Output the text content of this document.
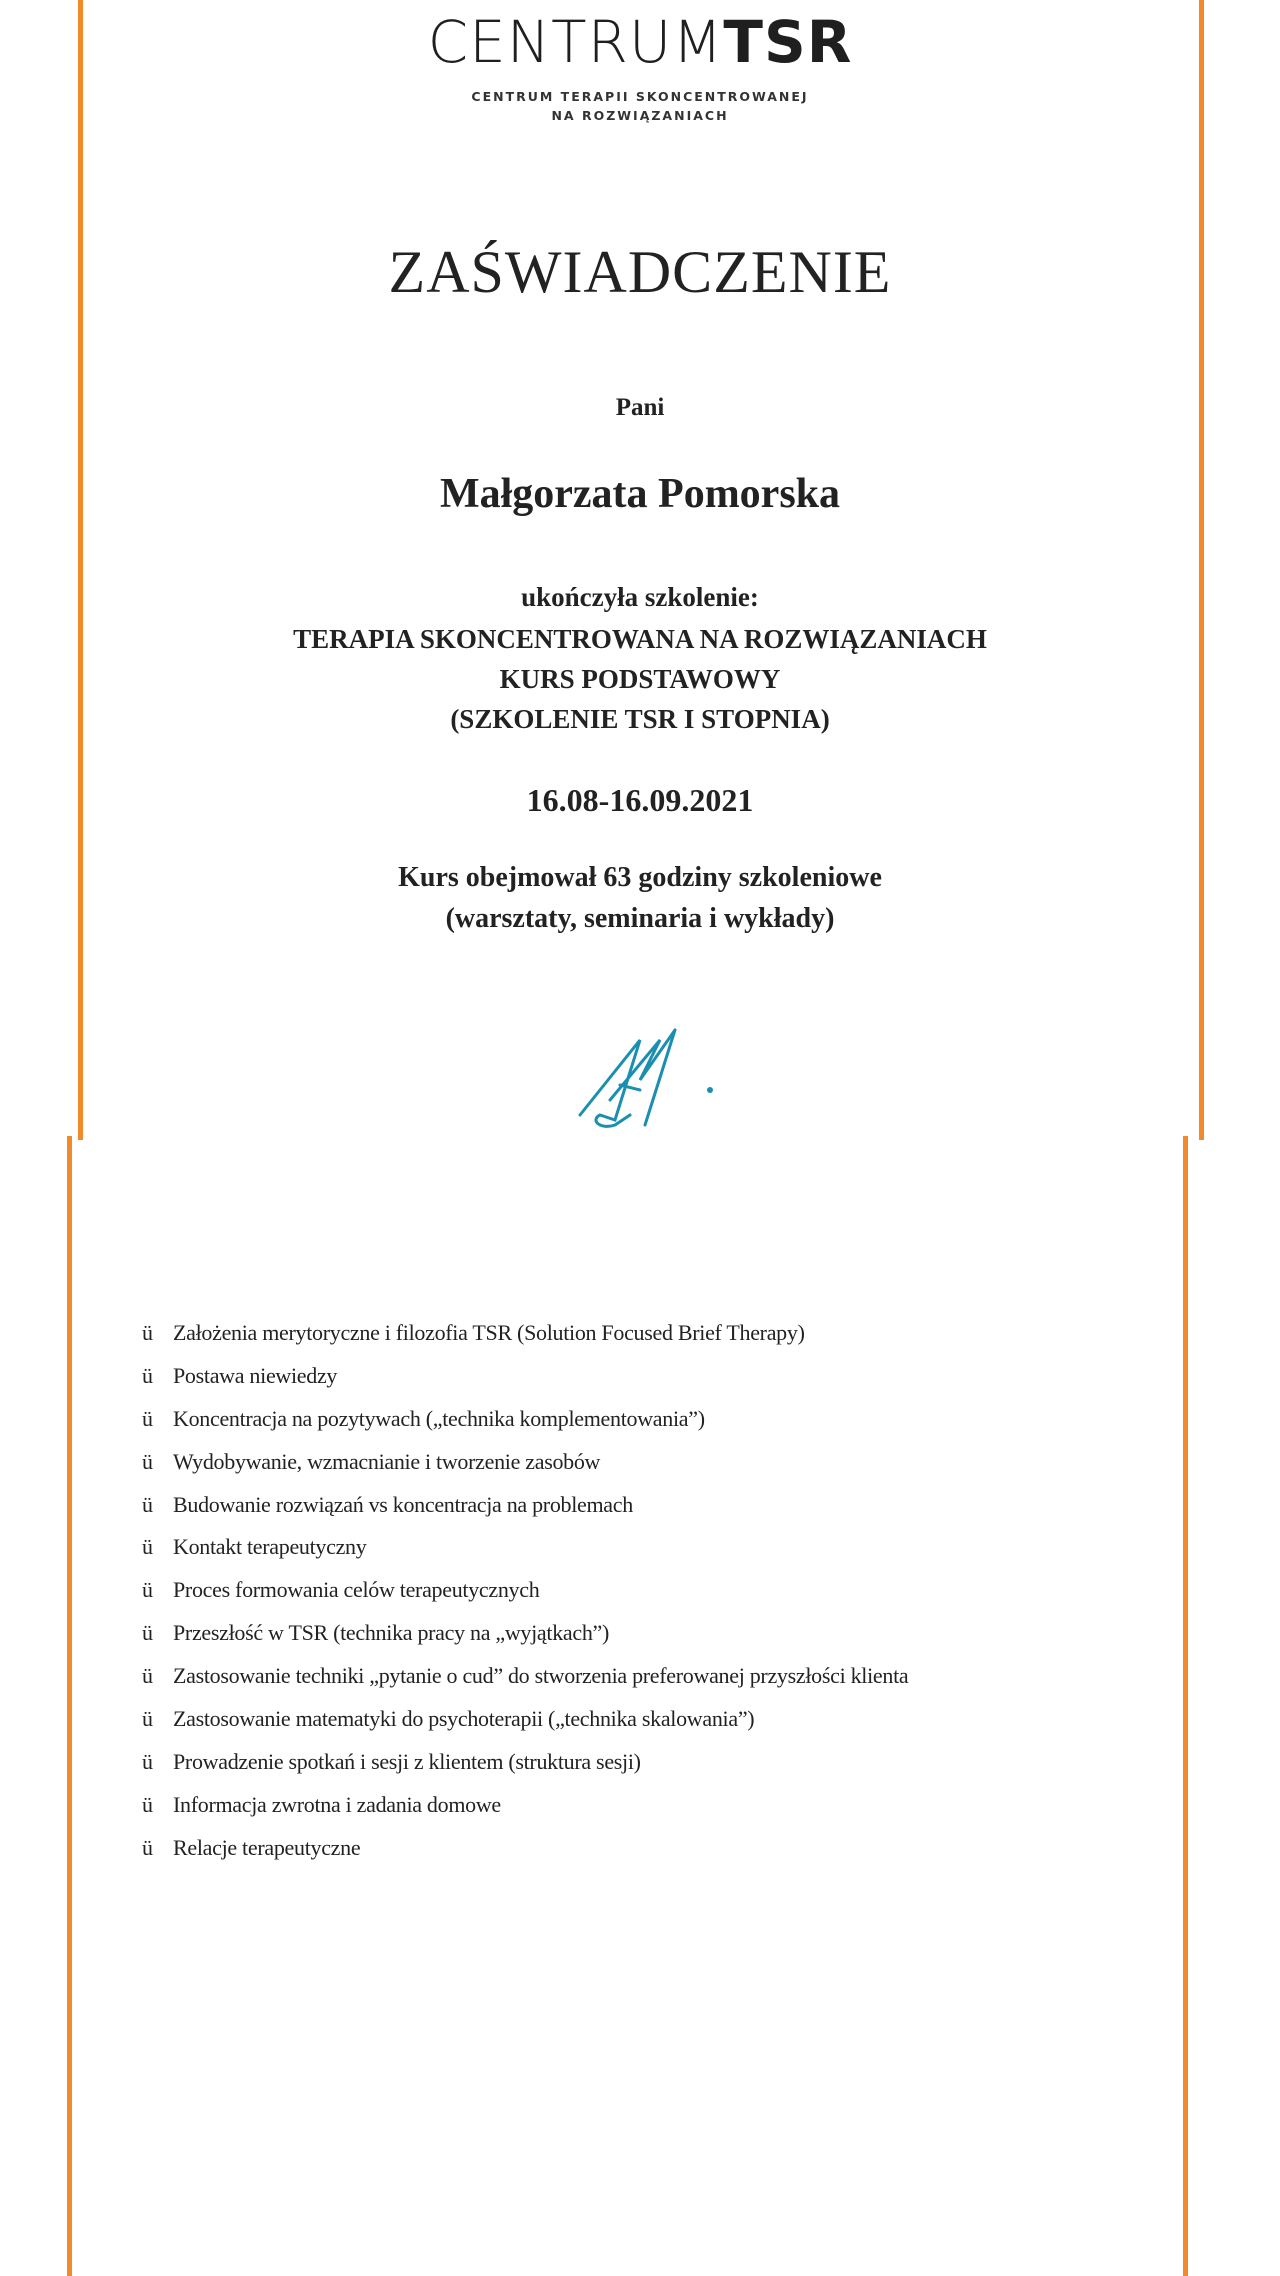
CENTRUMTSR
CENTRUM TERAPII SKONCENTROWANEJ
NA ROZWIĄZANIACH
ZAŚWIADCZENIE
Pani
Małgorzata Pomorska
ukończyła szkolenie:
TERAPIA SKONCENTROWANA NA ROZWIĄZANIACH
KURS PODSTAWOWY
(SZKOLENIE TSR I STOPNIA)
16.08-16.09.2021
Kurs obejmował 63 godziny szkoleniowe
(warsztaty, seminaria i wykłady)
ü Założenia merytoryczne i filozofia TSR (Solution Focused Brief Therapy)
ü Postawa niewiedzy
ü Koncentracja na pozytywach („technika komplementowania”)
ü Wydobywanie, wzmacnianie i tworzenie zasobów
ü Budowanie rozwiązań vs koncentracja na problemach
ü Kontakt terapeutyczny
ü Proces formowania celów terapeutycznych
ü Przeszłość w TSR (technika pracy na „wyjątkach”)
ü Zastosowanie techniki „pytanie o cud” do stworzenia preferowanej przyszłości klienta
ü Zastosowanie matematyki do psychoterapii („technika skalowania”)
ü Prowadzenie spotkań i sesji z klientem (struktura sesji)
ü Informacja zwrotna i zadania domowe
ü Relacje terapeutyczne
